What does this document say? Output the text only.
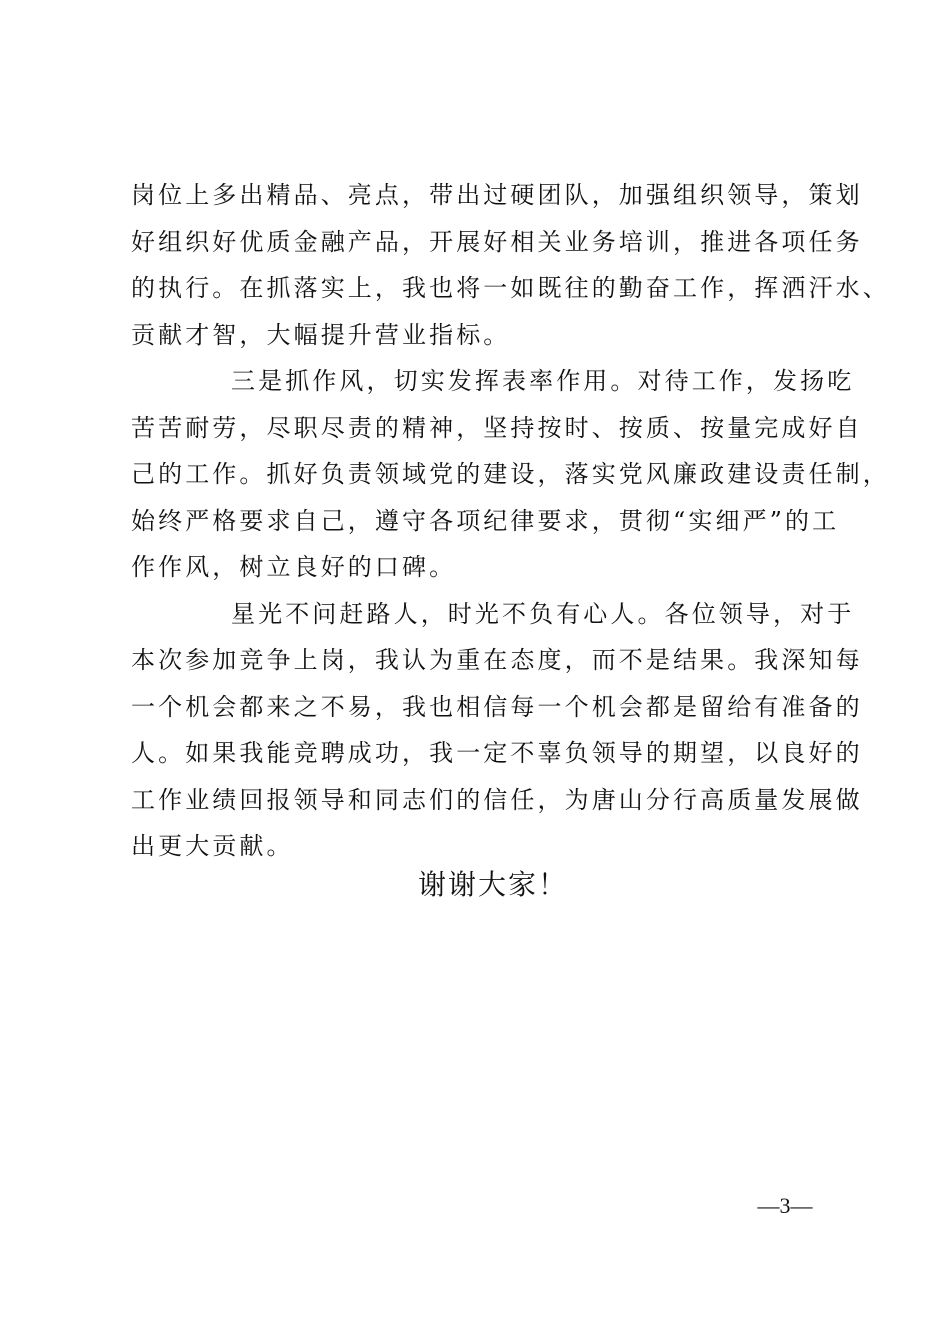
岗位上多出精品、亮点，带出过硬团队，加强组织领导，策划
好组织好优质金融产品，开展好相关业务培训，推进各项任务
的执行。在抓落实上，我也将一如既往的勤奋工作，挥洒汗水、
贡献才智，大幅提升营业指标。
三是抓作风，切实发挥表率作用。对待工作，发扬吃
苦苦耐劳，尽职尽责的精神，坚持按时、按质、按量完成好自
己的工作。抓好负责领域党的建设，落实党风廉政建设责任制，
始终严格要求自己，遵守各项纪律要求，贯彻“实细严”的工
作作风，树立良好的口碑。
星光不问赶路人，时光不负有心人。各位领导，对于
本次参加竞争上岗，我认为重在态度，而不是结果。我深知每
一个机会都来之不易，我也相信每一个机会都是留给有准备的
人。如果我能竞聘成功，我一定不辜负领导的期望，以良好的
工作业绩回报领导和同志们的信任，为唐山分行高质量发展做
出更大贡献。
谢谢大家！
—3—
